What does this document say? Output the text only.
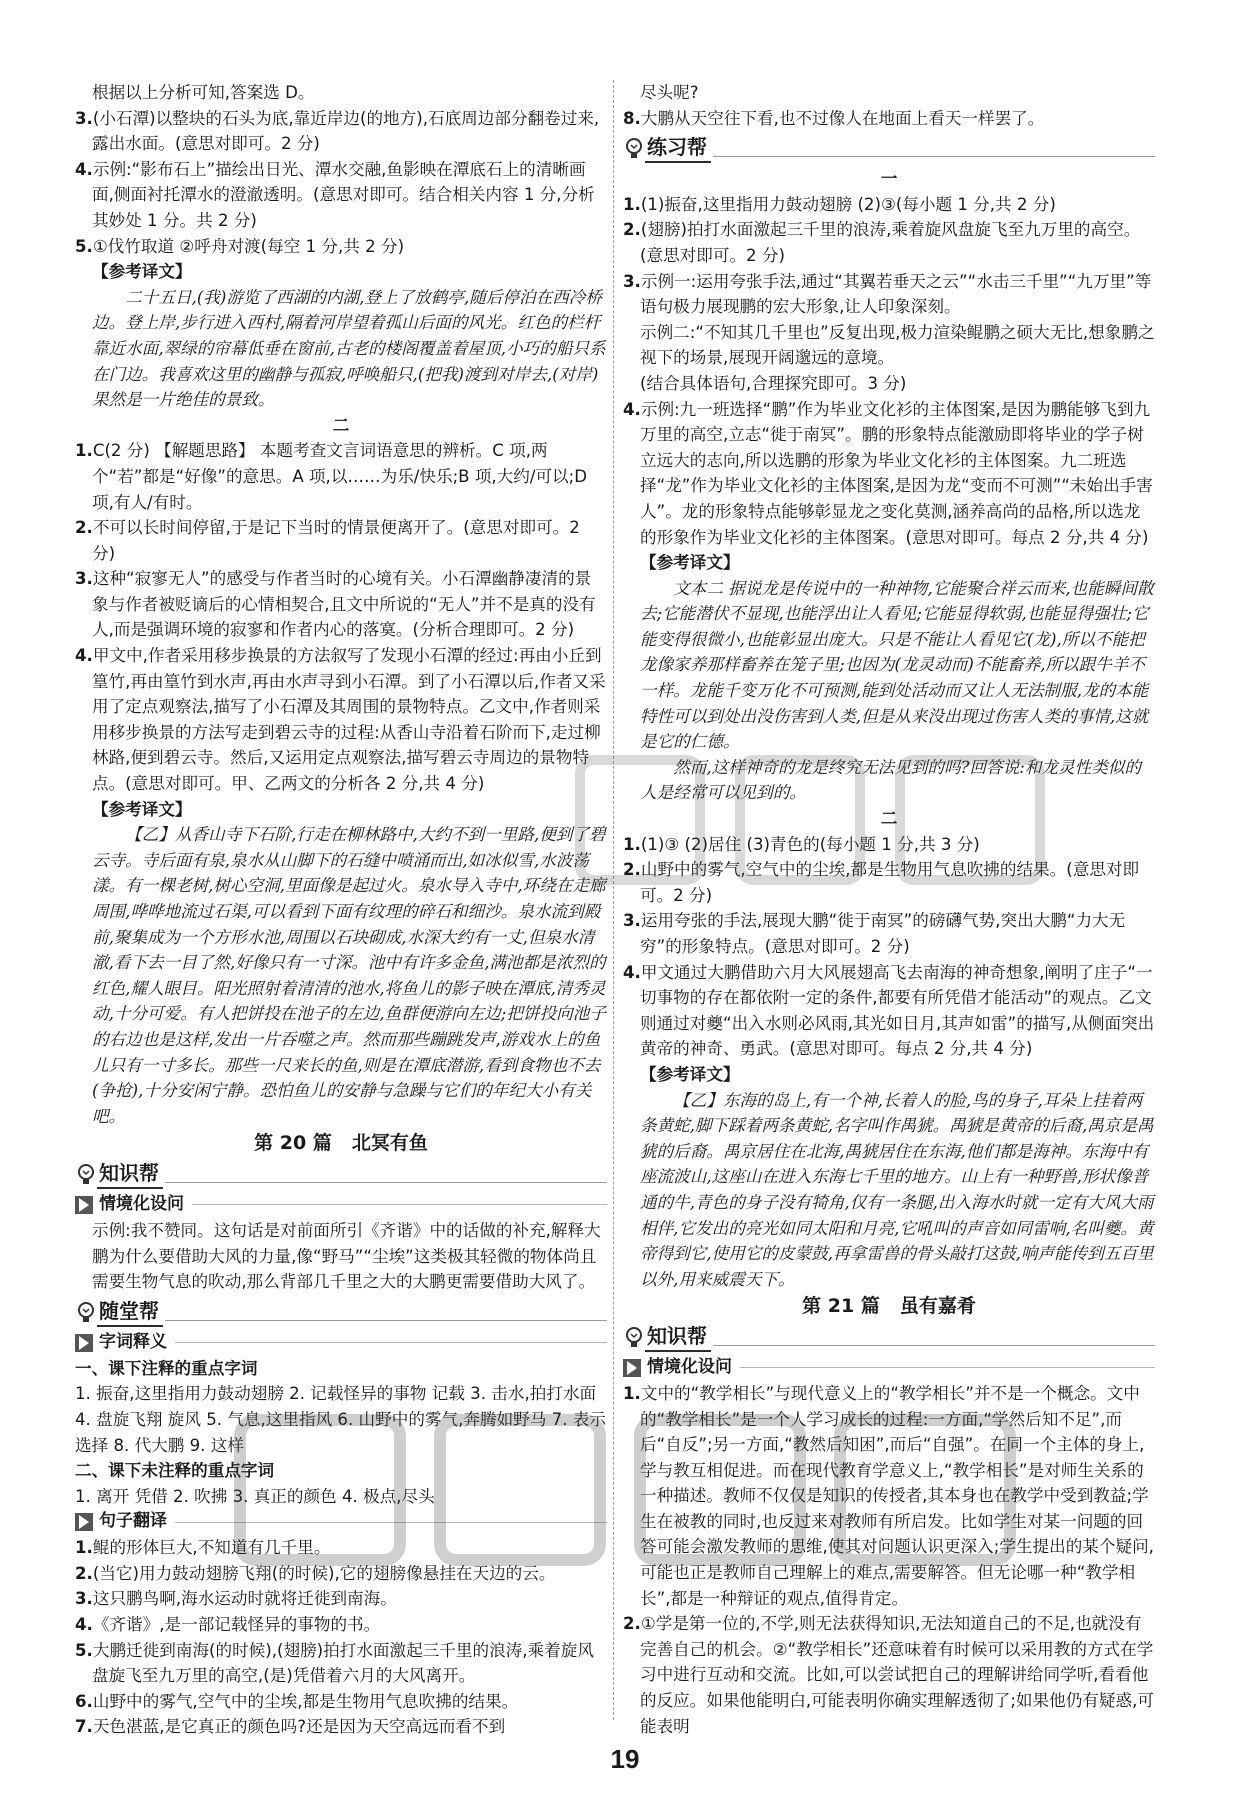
根据以上分析可知,答案选 D。

3.(小石潭)以整块的石头为底,靠近岸边(的地方),石底周边部分翻卷过来,露出水面。(意思对即可。2 分)

4.示例:“影布石上”描绘出日光、潭水交融,鱼影映在潭底石上的清晰画面,侧面衬托潭水的澄澈透明。(意思对即可。结合相关内容 1 分,分析其妙处 1 分。共 2 分)

5.①伐竹取道 ②呼舟对渡(每空 1 分,共 2 分)

【参考译文】

二十五日,(我)游览了西湖的内湖,登上了放鹤亭,随后停泊在西冷桥边。登上岸,步行进入西村,隔着河岸望着孤山后面的风光。红色的栏杆靠近水面,翠绿的帘幕低垂在窗前,古老的楼阁覆盖着屋顶,小巧的船只系在门边。我喜欢这里的幽静与孤寂,呼唤船只,(把我)渡到对岸去,(对岸)果然是一片绝佳的景致。

二

1.C(2 分) 【解题思路】 本题考查文言词语意思的辨析。C 项,两个“若”都是“好像”的意思。A 项,以……为乐/快乐;B 项,大约/可以;D 项,有人/有时。

2.不可以长时间停留,于是记下当时的情景便离开了。(意思对即可。2 分)

3.这种“寂寥无人”的感受与作者当时的心境有关。小石潭幽静凄清的景象与作者被贬谪后的心情相契合,且文中所说的“无人”并不是真的没有人,而是强调环境的寂寥和作者内心的落寞。(分析合理即可。2 分)

4.甲文中,作者采用移步换景的方法叙写了发现小石潭的经过:再由小丘到篁竹,再由篁竹到水声,再由水声寻到小石潭。到了小石潭以后,作者又采用了定点观察法,描写了小石潭及其周围的景物特点。乙文中,作者则采用移步换景的方法写走到碧云寺的过程:从香山寺沿着石阶而下,走过柳林路,便到碧云寺。然后,又运用定点观察法,描写碧云寺周边的景物特点。(意思对即可。甲、乙两文的分析各 2 分,共 4 分)

【参考译文】

【乙】从香山寺下石阶,行走在柳林路中,大约不到一里路,便到了碧云寺。寺后面有泉,泉水从山脚下的石缝中喷涌而出,如冰似雪,水波荡漾。有一棵老树,树心空洞,里面像是起过火。泉水导入寺中,环绕在走廊周围,哗哗地流过石渠,可以看到下面有纹理的碎石和细沙。泉水流到殿前,聚集成为一个方形水池,周围以石块砌成,水深大约有一丈,但泉水清澈,看下去一目了然,好像只有一寸深。池中有许多金鱼,满池都是浓烈的红色,耀人眼目。阳光照射着清清的池水,将鱼儿的影子映在潭底,清秀灵动,十分可爱。有人把饼投在池子的左边,鱼群便游向左边;把饼投向池子的右边也是这样,发出一片吞噬之声。然而那些蹦跳发声,游戏水上的鱼儿只有一寸多长。那些一尺来长的鱼,则是在潭底潜游,看到食物也不去(争抢),十分安闲宁静。恐怕鱼儿的安静与急躁与它们的年纪大小有关吧。

第 20 篇 北冥有鱼

知识帮
情境化设问

示例:我不赞同。这句话是对前面所引《齐谐》中的话做的补充,解释大鹏为什么要借助大风的力量,像“野马”“尘埃”这类极其轻微的物体尚且需要生物气息的吹动,那么背部几千里之大的大鹏更需要借助大风了。

随堂帮
字词释义

一、课下注释的重点字词

1. 振奋,这里指用力鼓动翅膀 2. 记载怪异的事物 记载 3. 击水,拍打水面 4. 盘旋飞翔 旋风 5. 气息,这里指风 6. 山野中的雾气,奔腾如野马 7. 表示选择 8. 代大鹏 9. 这样

二、课下未注释的重点字词

1. 离开 凭借 2. 吹拂 3. 真正的颜色 4. 极点,尽头

句子翻译

1.鲲的形体巨大,不知道有几千里。

2.(当它)用力鼓动翅膀飞翔(的时候),它的翅膀像悬挂在天边的云。

3.这只鹏鸟啊,海水运动时就将迁徙到南海。

4.《齐谐》,是一部记载怪异的事物的书。

5.大鹏迁徙到南海(的时候),(翅膀)拍打水面激起三千里的浪涛,乘着旋风盘旋飞至九万里的高空,(是)凭借着六月的大风离开。

6.山野中的雾气,空气中的尘埃,都是生物用气息吹拂的结果。

7.天色湛蓝,是它真正的颜色吗?还是因为天空高远而看不到

尽头呢?

8.大鹏从天空往下看,也不过像人在地面上看天一样罢了。

练习帮

一

1.(1)振奋,这里指用力鼓动翅膀 (2)③(每小题 1 分,共 2 分)

2.(翅膀)拍打水面激起三千里的浪涛,乘着旋风盘旋飞至九万里的高空。(意思对即可。2 分)

3.示例一:运用夸张手法,通过“其翼若垂天之云”“水击三千里”“九万里”等语句极力展现鹏的宏大形象,让人印象深刻。

示例二:“不知其几千里也”反复出现,极力渲染鲲鹏之硕大无比,想象鹏之视下的场景,展现开阔邈远的意境。

(结合具体语句,合理探究即可。3 分)

4.示例:九一班选择“鹏”作为毕业文化衫的主体图案,是因为鹏能够飞到九万里的高空,立志“徙于南冥”。鹏的形象特点能激励即将毕业的学子树立远大的志向,所以选鹏的形象为毕业文化衫的主体图案。九二班选择“龙”作为毕业文化衫的主体图案,是因为龙“变而不可测”“未始出手害人”。龙的形象特点能够彰显龙之变化莫测,涵养高尚的品格,所以选龙的形象作为毕业文化衫的主体图案。(意思对即可。每点 2 分,共 4 分)

【参考译文】

文本二 据说龙是传说中的一种神物,它能聚合祥云而来,也能瞬间散去;它能潜伏不显现,也能浮出让人看见;它能显得软弱,也能显得强壮;它能变得很微小,也能彰显出庞大。只是不能让人看见它(龙),所以不能把龙像家养那样畜养在笼子里;也因为(龙灵动而)不能畜养,所以跟牛羊不一样。龙能千变万化不可预测,能到处活动而又让人无法制服,龙的本能特性可以到处出没伤害到人类,但是从来没出现过伤害人类的事情,这就是它的仁德。

然而,这样神奇的龙是终究无法见到的吗?回答说:和龙灵性类似的人是经常可以见到的。

二

1.(1)③ (2)居住 (3)青色的(每小题 1 分,共 3 分)

2.山野中的雾气,空气中的尘埃,都是生物用气息吹拂的结果。(意思对即可。2 分)

3.运用夸张的手法,展现大鹏“徙于南冥”的磅礴气势,突出大鹏“力大无穷”的形象特点。(意思对即可。2 分)

4.甲文通过大鹏借助六月大风展翅高飞去南海的神奇想象,阐明了庄子“一切事物的存在都依附一定的条件,都要有所凭借才能活动”的观点。乙文则通过对夔“出入水则必风雨,其光如日月,其声如雷”的描写,从侧面突出黄帝的神奇、勇武。(意思对即可。每点 2 分,共 4 分)

【参考译文】

【乙】东海的岛上,有一个神,长着人的脸,鸟的身子,耳朵上挂着两条黄蛇,脚下踩着两条黄蛇,名字叫作禺猇。禺猇是黄帝的后裔,禺京是禺猇的后裔。禺京居住在北海,禺猇居住在东海,他们都是海神。东海中有座流波山,这座山在进入东海七千里的地方。山上有一种野兽,形状像普通的牛,青色的身子没有犄角,仅有一条腿,出入海水时就一定有大风大雨相伴,它发出的亮光如同太阳和月亮,它吼叫的声音如同雷响,名叫夔。黄帝得到它,使用它的皮蒙鼓,再拿雷兽的骨头敲打这鼓,响声能传到五百里以外,用来威震天下。

第 21 篇 虽有嘉肴

知识帮
情境化设问

1.文中的“教学相长”与现代意义上的“教学相长”并不是一个概念。文中的“教学相长”是一个人学习成长的过程:一方面,“学然后知不足”,而后“自反”;另一方面,“教然后知困”,而后“自强”。在同一个主体的身上,学与教互相促进。而在现代教育学意义上,“教学相长”是对师生关系的一种描述。教师不仅仅是知识的传授者,其本身也在教学中受到教益;学生在被教的同时,也反过来对教师有所启发。比如学生对某一问题的回答可能会激发教师的思维,使其对问题认识更深入;学生提出的某个疑问,可能也正是教师自己理解上的难点,需要解答。但无论哪一种“教学相长”,都是一种辩证的观点,值得肯定。

2.①学是第一位的,不学,则无法获得知识,无法知道自己的不足,也就没有完善自己的机会。②“教学相长”还意味着有时候可以采用教的方式在学习中进行互动和交流。比如,可以尝试把自己的理解讲给同学听,看看他的反应。如果他能明白,可能表明你确实理解透彻了;如果他仍有疑惑,可能表明

19
